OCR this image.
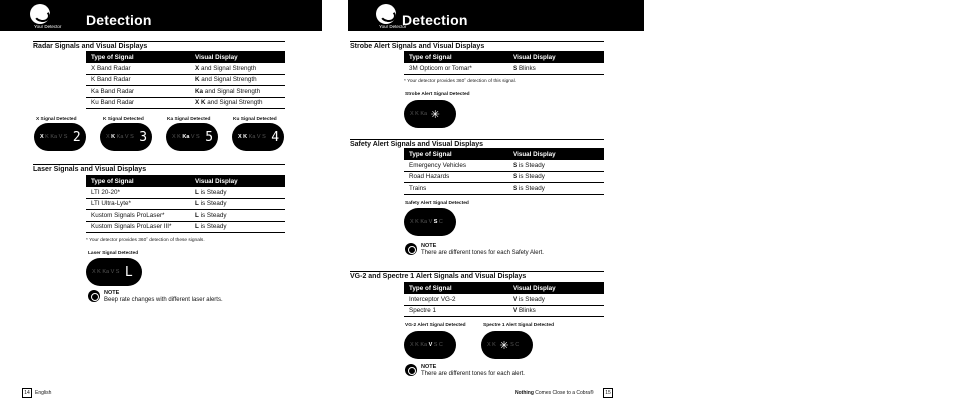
Your Detector Detection
Radar Signals and Visual Displays
Type of Signal	Visual Display
X Band Radar	X and Signal Strength
K Band Radar	K and Signal Strength
Ka Band Radar	Ka and Signal Strength
Ku Band Radar	X K and Signal Strength
X Signal Detected	K Signal Detected	Ka Signal Detected	Ku Signal Detected
X K Ka V S 2	X K Ka V S 3	X K Ka V S 5	X K Ka V S 4
Laser Signals and Visual Displays
Type of Signal	Visual Display
LTI 20-20*	L is Steady
LTI Ultra-Lyte*	L is Steady
Kustom Signals ProLaser*	L is Steady
Kustom Signals ProLaser III*	L is Steady
* Your detector provides 360˚ detection of these signals.
Laser Signal Detected
X K Ka V S L
NOTE
Beep rate changes with different laser alerts.
14	English
Your Detector
Detection
Strobe Alert Signals and Visual Displays
Type of Signal	Visual Display
3M Opticom or Tomar*	S Blinks
* Your detector provides 360˚ detection of this signal.
Strobe Alert Signal Detected
X K Ka ✳
Safety Alert Signals and Visual Displays
Type of Signal	Visual Display
Emergency Vehicles	S is Steady
Road Hazards	S is Steady
Trains	S is Steady
Safety Alert Signal Detected
X K Ka V S C
NOTE
There are different tones for each Safety Alert.
VG-2 and Spectre 1 Alert Signals and Visual Displays
Type of Signal	Visual Display
Interceptor VG-2	V is Steady
Spectre 1	V Blinks
VG-2 Alert Signal Detected	Spectre 1 Alert Signal Detected
X K Ka V S C	X K ✳ S C
NOTE
There are different tones for each alert.
Nothing Comes Close to a Cobra®	15
